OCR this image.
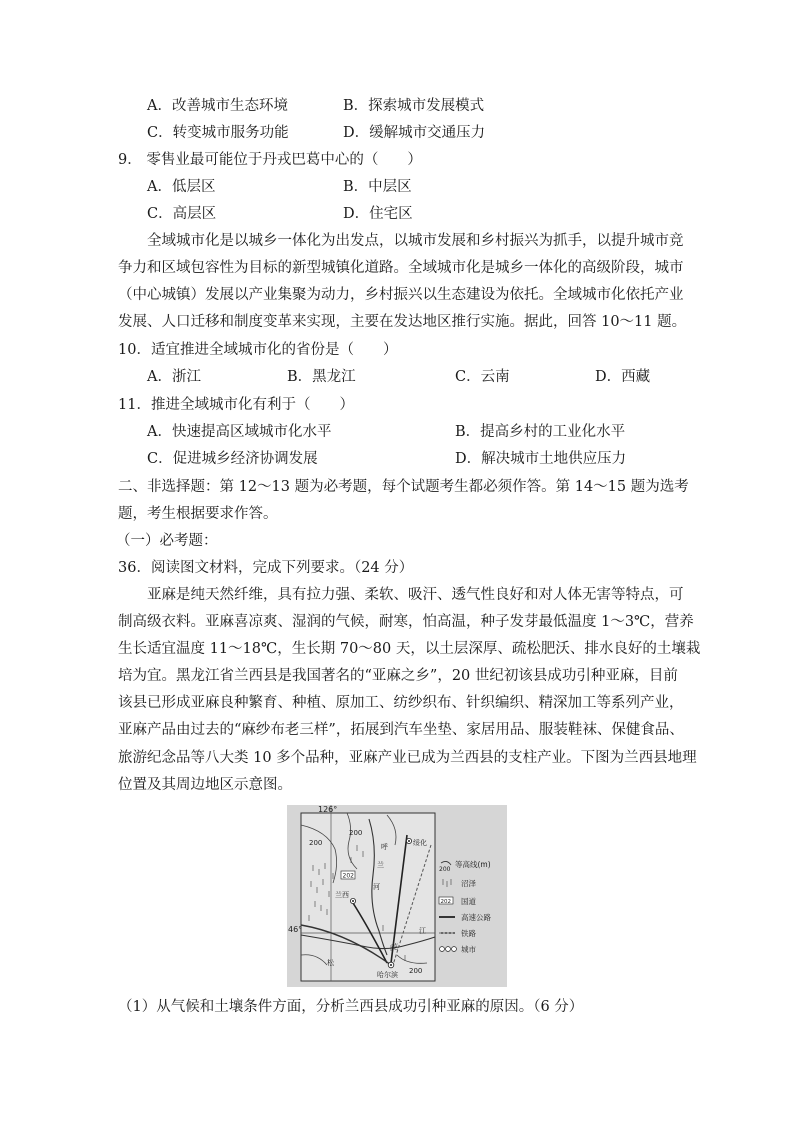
A．改善城市生态环境	B．探索城市发展模式
C．转变城市服务功能	D．缓解城市交通压力
9． 零售业最可能位于丹戎巴葛中心的（　　）
A．低层区	B．中层区
C．高层区	D．住宅区
全域城市化是以城乡一体化为出发点，以城市发展和乡村振兴为抓手，以提升城市竞
争力和区域包容性为目标的新型城镇化道路。全域城市化是城乡一体化的高级阶段，城市
（中心城镇）发展以产业集聚为动力，乡村振兴以生态建设为依托。全域城市化依托产业
发展、人口迁移和制度变革来实现，主要在发达地区推行实施。据此，回答 10～11 题。
10．适宜推进全域城市化的省份是（　　）
A．浙江	B．黑龙江	C．云南	D．西藏
11．推进全域城市化有利于（　　）
A．快速提高区域城市化水平	B．提高乡村的工业化水平
C．促进城乡经济协调发展	D．解决城市土地供应压力
二、非选择题：第 12～13 题为必考题，每个试题考生都必须作答。第 14～15 题为选考
题，考生根据要求作答。
（一）必考题：
36．阅读图文材料，完成下列要求。（24 分）
亚麻是纯天然纤维，具有拉力强、柔软、吸汗、透气性良好和对人体无害等特点，可
制高级衣料。亚麻喜凉爽、湿润的气候，耐寒，怕高温，种子发芽最低温度 1～3℃，营养
生长适宜温度 11～18℃，生长期 70～80 天，以土层深厚、疏松肥沃、排水良好的土壤栽
培为宜。黑龙江省兰西县是我国著名的“亚麻之乡”，20 世纪初该县成功引种亚麻，目前
该县已形成亚麻良种繁育、种植、原加工、纺纱织布、针织编织、精深加工等系列产业，
亚麻产品由过去的“麻纱布老三样”，拓展到汽车坐垫、家居用品、服装鞋袜、保健食品、
旅游纪念品等八大类 10 多个品种，亚麻产业已成为兰西县的支柱产业。下图为兰西县地理
位置及其周边地区示意图。
126°
46°
200
200
200
呼
兰
河
松
花
江
202
兰西
绥化
哈尔滨
200
等高线(m)
沼泽
202 国道
高速公路
铁路
城市
（1）从气候和土壤条件方面，分析兰西县成功引种亚麻的原因。（6 分）
